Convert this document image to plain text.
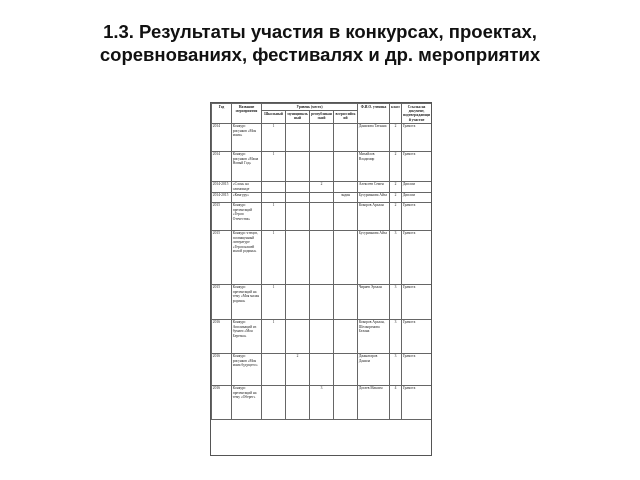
1.3. Результаты участия в конкурсах, проектах, соревнованиях, фестивалях и др. мероприятих
Год	Название мероприятия	Уровень (место)				Ф.И.О. ученика	класс	Ссылка на документ, подтверждающий участие
		Школьный	муниципальный	республиканский	всероссийский			
2014	Конкурс рисунков «Моя мама»	1				Данилова Татьяна	2	Грамота
2014	Конкурс рисунков «Мама Новый Год»	1				Михайлов Владимир	2	Грамота
2014-2015	«Слон» на олимпиаде			2		Алексеев Семен	2	Диплом
2014-2015	«Кенгуру»				эндин	Бусурманова Айза	2	Диплом
2015	Конкурс презентаций «Герои Отечества»	1				Кокоров Архаан	2	Грамота
2015	Конкурс чтецов, посвященный литературе «Герои нашей малой родины»	1				Бусурманова Айза	3	Грамота
2015	Конкурс презентаций на тему «Моя малая родина»	1				Чиряев Эрхаан	3	Грамота
2016	Конкурс Аппликаций из бумаги «Моя Березка»	1				Кокоров Архаан, Шелкоренова Белана	3	Грамота
2016	Конкурс рисунков «Моя мама будущего»		2			Джанатаров Данила	3	Грамота
2016	Конкурс презентаций на тему «Оберег»			3		Догаев Максим	4	Грамота
